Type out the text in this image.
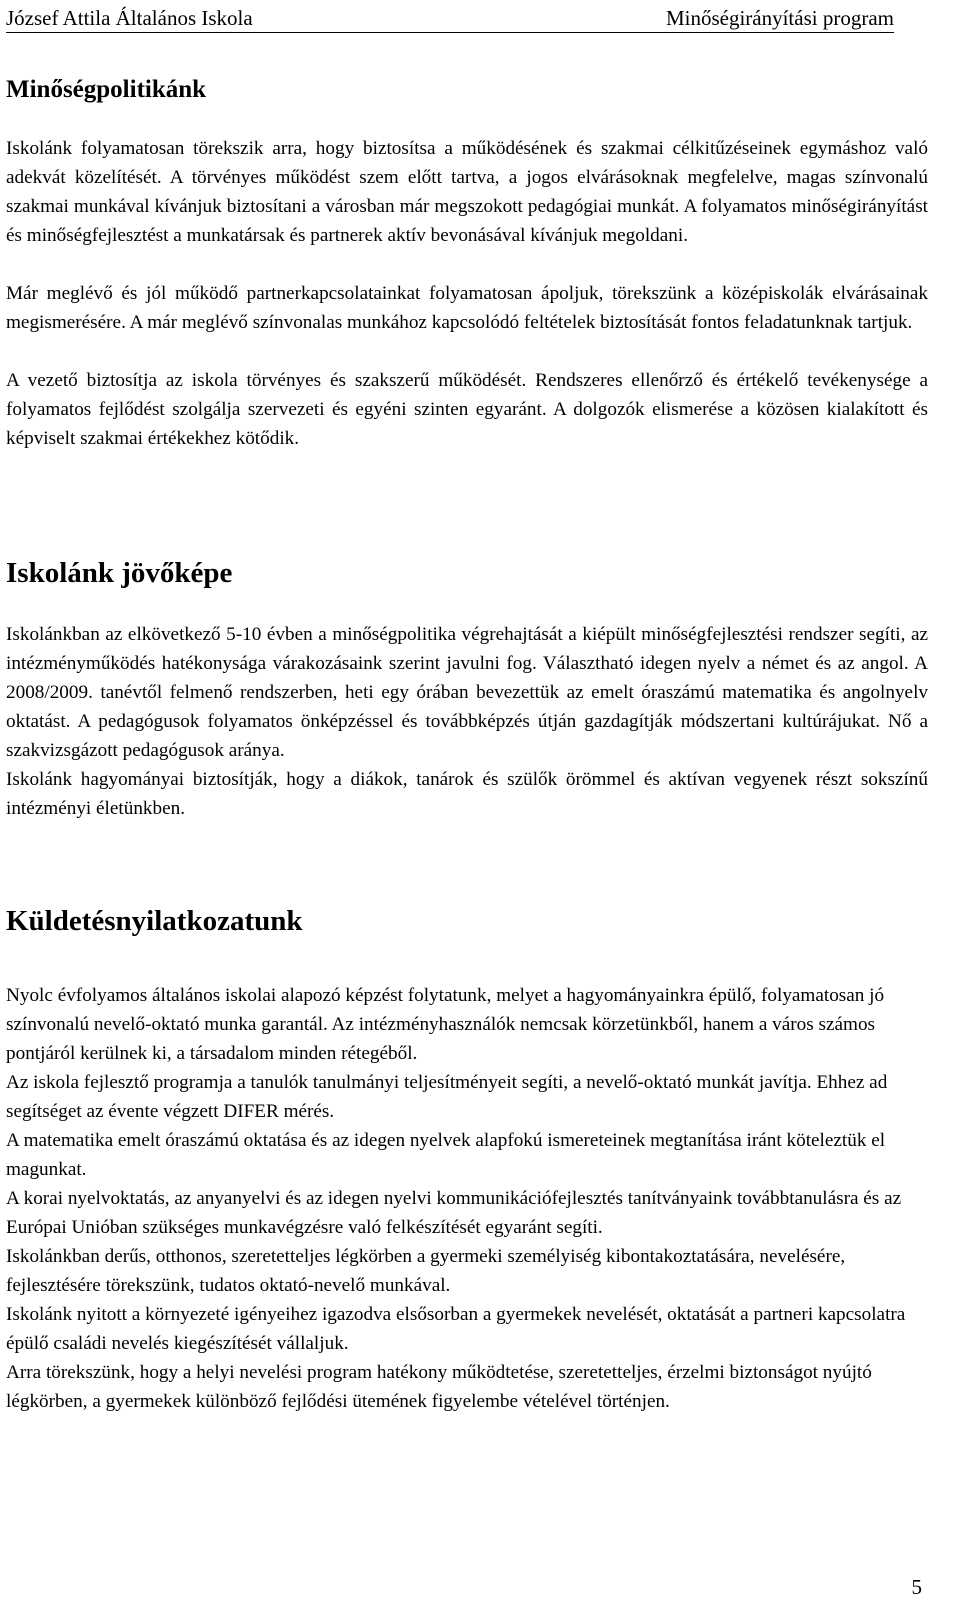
József Attila Általános Iskola	Minőségirányítási program
Minőségpolitikánk

Iskolánk folyamatosan törekszik arra, hogy biztosítsa a működésének és szakmai célkitűzéseinek egymáshoz való adekvát közelítését. A törvényes működést szem előtt tartva, a jogos elvárásoknak megfelelve, magas színvonalú szakmai munkával kívánjuk biztosítani a városban már megszokott pedagógiai munkát. A folyamatos minőségirányítást és minőségfejlesztést a munkatársak és partnerek aktív bevonásával kívánjuk megoldani.

Már meglévő és jól működő partnerkapcsolatainkat folyamatosan ápoljuk, törekszünk a középiskolák elvárásainak megismerésére. A már meglévő színvonalas munkához kapcsolódó feltételek biztosítását fontos feladatunknak tartjuk.

A vezető biztosítja az iskola törvényes és szakszerű működését. Rendszeres ellenőrző és értékelő tevékenysége a folyamatos fejlődést szolgálja szervezeti és egyéni szinten egyaránt. A dolgozók elismerése a közösen kialakított és képviselt szakmai értékekhez kötődik.

Iskolánk jövőképe

Iskolánkban az elkövetkező 5-10 évben a minőségpolitika végrehajtását a kiépült minőségfejlesztési rendszer segíti, az intézményműködés hatékonysága várakozásaink szerint javulni fog. Választható idegen nyelv a német és az angol. A 2008/2009. tanévtől felmenő rendszerben, heti egy órában bevezettük az emelt óraszámú matematika és angolnyelv oktatást. A pedagógusok folyamatos önképzéssel és továbbképzés útján gazdagítják módszertani kultúrájukat. Nő a szakvizsgázott pedagógusok aránya.

Iskolánk hagyományai biztosítják, hogy a diákok, tanárok és szülők örömmel és aktívan vegyenek részt sokszínű intézményi életünkben.

Küldetésnyilatkozatunk

Nyolc évfolyamos általános iskolai alapozó képzést folytatunk, melyet a hagyományainkra épülő, folyamatosan jó színvonalú nevelő-oktató munka garantál. Az intézményhasználók nemcsak körzetünkből, hanem a város számos pontjáról kerülnek ki, a társadalom minden rétegéből.

Az iskola fejlesztő programja a tanulók tanulmányi teljesítményeit segíti, a nevelő-oktató munkát javítja. Ehhez ad segítséget az évente végzett DIFER mérés.

A matematika emelt óraszámú oktatása és az idegen nyelvek alapfokú ismereteinek megtanítása iránt köteleztük el magunkat.

A korai nyelvoktatás, az anyanyelvi és az idegen nyelvi kommunikációfejlesztés tanítványaink továbbtanulásra és az Európai Unióban szükséges munkavégzésre való felkészítését egyaránt segíti.

Iskolánkban derűs, otthonos, szeretetteljes légkörben a gyermeki személyiség kibontakoztatására, nevelésére, fejlesztésére törekszünk, tudatos oktató-nevelő munkával.

Iskolánk nyitott a környezeté igényeihez igazodva elsősorban a gyermekek nevelését, oktatását a partneri kapcsolatra épülő családi nevelés kiegészítését vállaljuk.

Arra törekszünk, hogy a helyi nevelési program hatékony működtetése, szeretetteljes, érzelmi biztonságot nyújtó légkörben, a gyermekek különböző fejlődési ütemének figyelembe vételével történjen.

5
